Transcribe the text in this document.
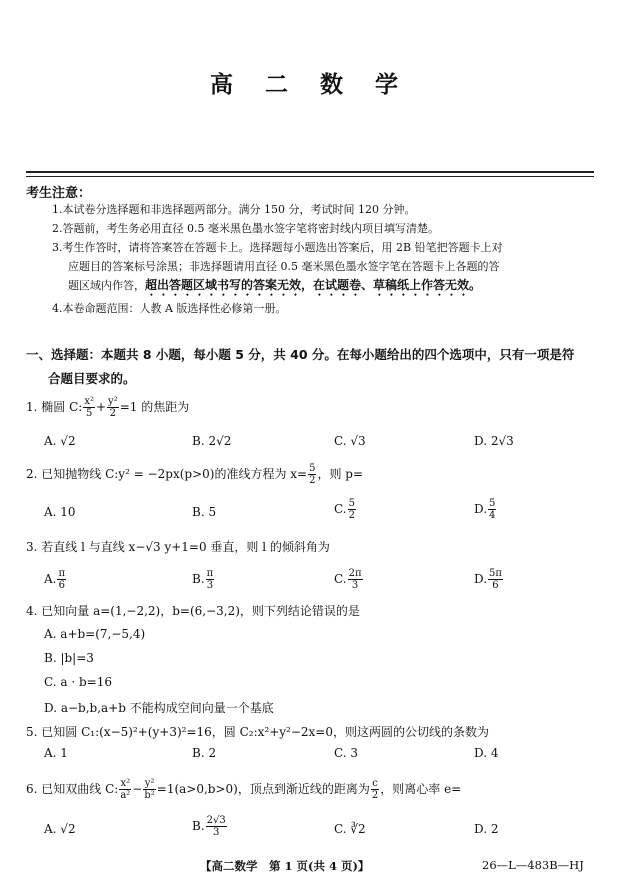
高 二 数 学
考生注意：
1.本试卷分选择题和非选择题两部分。满分 150 分，考试时间 120 分钟。
2.答题前，考生务必用直径 0.5 毫米黑色墨水签字笔将密封线内项目填写清楚。
3.考生作答时，请将答案答在答题卡上。选择题每小题选出答案后，用 2B 铅笔把答题卡上对
应题目的答案标号涂黑；非选择题请用直径 0.5 毫米黑色墨水签字笔在答题卡上各题的答
题区域内作答，超出答题区域书写的答案无效，在试题卷、草稿纸上作答无效。
4.本卷命题范围：人教 A 版选择性必修第一册。
一、选择题：本题共 8 小题，每小题 5 分，共 40 分。在每小题给出的四个选项中，只有一项是符
合题目要求的。
1. 椭圆 C: $\frac{\text{x²}}{5} + \frac{\text{y²}}{2} =1$ 的焦距为
A. √2	B. 2√2	C. √3	D. 2√3
2. 已知抛物线 C:y² = −2px(p>0)的准线方程为 $x= \frac{5}{2}$ ，则 p=
A. 10	B. 5	C. $\frac{5}{2}$	D. $\frac{5}{4}$
3. 若直线 l 与直线 x−√3 y+1=0 垂直，则 l 的倾斜角为
A. $\frac{\pi}{6}$	B. $\frac{\pi}{3}$	C. $\frac{2\pi}{3}$	D. $\frac{5\pi}{6}$
4. 已知向量 a=(1,−2,2)，b=(6,−3,2)，则下列结论错误的是
A. a+b=(7,−5,4)
B. |b|=3
C. a · b=16
D. a−b,b,a+b 不能构成空间向量一个基底
5. 已知圆 C₁:(x−5)²+(y+3)²=16，圆 C₂:x²+y²−2x=0，则这两圆的公切线的条数为
A. 1	B. 2	C. 3	D. 4
6. 已知双曲线 C: $\frac{\text{x²}}{\text{a²}} - \frac{\text{y²}}{\text{b²}} =1(a>0,b>0)$，顶点到渐近线的距离为 $\frac{c}{2}$ ，则离心率 e=
A. √2	B. $\frac{2√3}{3}$	C. ∛2	D. 2
【高二数学　第 1 页(共 4 页)】	26—L—483B—HJ
